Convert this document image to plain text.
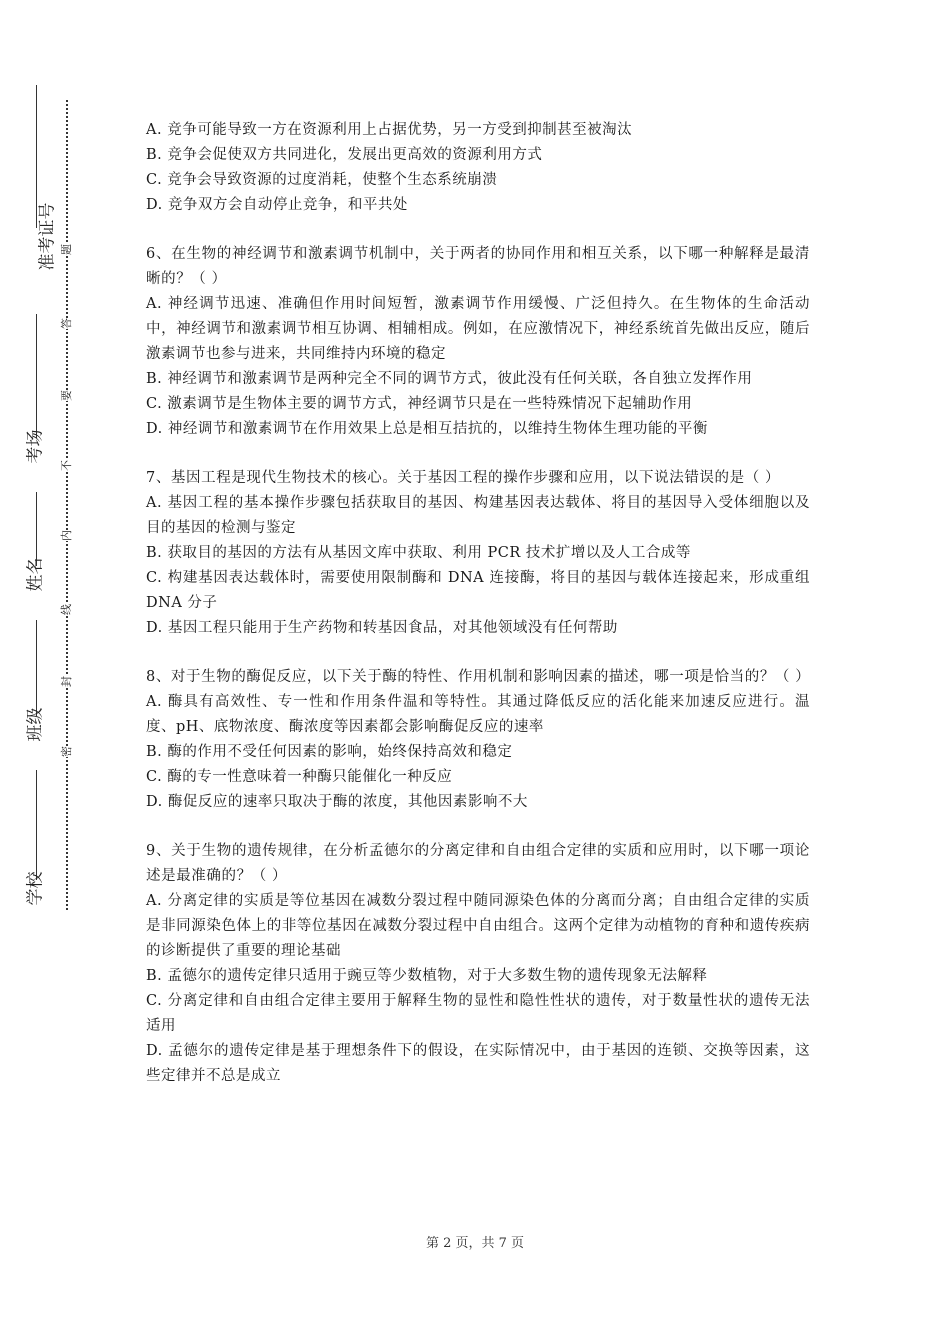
准考证号
考场
姓名
班级
学校
题
答
要
不
内
线
封
密

A. 竞争可能导致一方在资源利用上占据优势，另一方受到抑制甚至被淘汰

B. 竞争会促使双方共同进化，发展出更高效的资源利用方式

C. 竞争会导致资源的过度消耗，使整个生态系统崩溃

D. 竞争双方会自动停止竞争，和平共处

6、在生物的神经调节和激素调节机制中，关于两者的协同作用和相互关系，以下哪一种解释是最清晰的？（ ）

A. 神经调节迅速、准确但作用时间短暂，激素调节作用缓慢、广泛但持久。在生物体的生命活动中，神经调节和激素调节相互协调、相辅相成。例如，在应激情况下，神经系统首先做出反应，随后激素调节也参与进来，共同维持内环境的稳定

B. 神经调节和激素调节是两种完全不同的调节方式，彼此没有任何关联，各自独立发挥作用

C. 激素调节是生物体主要的调节方式，神经调节只是在一些特殊情况下起辅助作用

D. 神经调节和激素调节在作用效果上总是相互拮抗的，以维持生物体生理功能的平衡

7、基因工程是现代生物技术的核心。关于基因工程的操作步骤和应用，以下说法错误的是（ ）

A. 基因工程的基本操作步骤包括获取目的基因、构建基因表达载体、将目的基因导入受体细胞以及目的基因的检测与鉴定

B. 获取目的基因的方法有从基因文库中获取、利用 PCR 技术扩增以及人工合成等

C. 构建基因表达载体时，需要使用限制酶和 DNA 连接酶，将目的基因与载体连接起来，形成重组 DNA 分子

D. 基因工程只能用于生产药物和转基因食品，对其他领域没有任何帮助

8、对于生物的酶促反应，以下关于酶的特性、作用机制和影响因素的描述，哪一项是恰当的？（ ）

A. 酶具有高效性、专一性和作用条件温和等特性。其通过降低反应的活化能来加速反应进行。温度、pH、底物浓度、酶浓度等因素都会影响酶促反应的速率

B. 酶的作用不受任何因素的影响，始终保持高效和稳定

C. 酶的专一性意味着一种酶只能催化一种反应

D. 酶促反应的速率只取决于酶的浓度，其他因素影响不大

9、关于生物的遗传规律，在分析孟德尔的分离定律和自由组合定律的实质和应用时，以下哪一项论述是最准确的？（ ）

A. 分离定律的实质是等位基因在减数分裂过程中随同源染色体的分离而分离；自由组合定律的实质是非同源染色体上的非等位基因在减数分裂过程中自由组合。这两个定律为动植物的育种和遗传疾病的诊断提供了重要的理论基础

B. 孟德尔的遗传定律只适用于豌豆等少数植物，对于大多数生物的遗传现象无法解释

C. 分离定律和自由组合定律主要用于解释生物的显性和隐性性状的遗传，对于数量性状的遗传无法适用

D. 孟德尔的遗传定律是基于理想条件下的假设，在实际情况中，由于基因的连锁、交换等因素，这些定律并不总是成立

第 2 页，共 7 页
